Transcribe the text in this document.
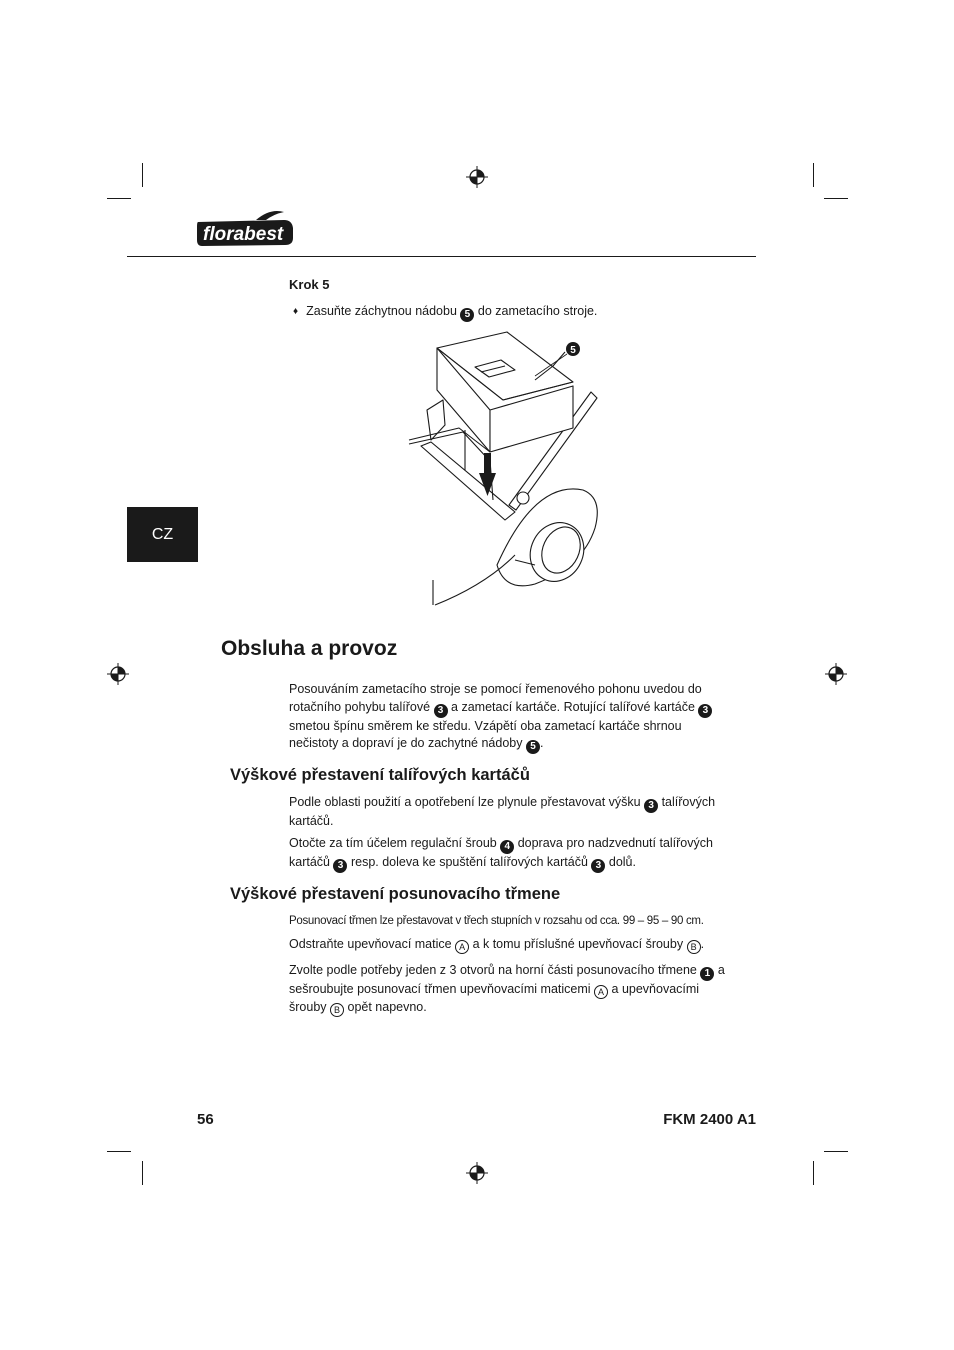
florabest
CZ
Krok 5
♦ Zasuňte záchytnou nádobu 5 do zametacího stroje.
5
Obsluha a provoz
Posouváním zametacího stroje se pomocí řemenového pohonu uvedou do rotačního pohybu talířové 3 a zametací kartáče. Rotující talířové kartáče 3 smetou špínu směrem ke středu. Vzápětí oba zametací kartáče shrnou nečistoty a dopraví je do zachytné nádoby 5 .
Výškové přestavení talířových kartáčů
Podle oblasti použití a opotřebení lze plynule přestavovat výšku 3 talířových kartáčů.
Otočte za tím účelem regulační šroub 4 doprava pro nadzvednutí talířových kartáčů 3 resp. doleva ke spuštění talířových kartáčů 3 dolů.
Výškové přestavení posunovacího třmene
Posunovací třmen lze přestavovat v třech stupních v rozsahu od cca. 99 – 95 – 90 cm.
Odstraňte upevňovací matice A a k tomu příslušné upevňovací šrouby B .
Zvolte podle potřeby jeden z 3 otvorů na horní části posunovacího třmene 1 a sešroubujte posunovací třmen upevňovacími maticemi A a upevňovacími šrouby B opět napevno.
56	FKM 2400 A1
